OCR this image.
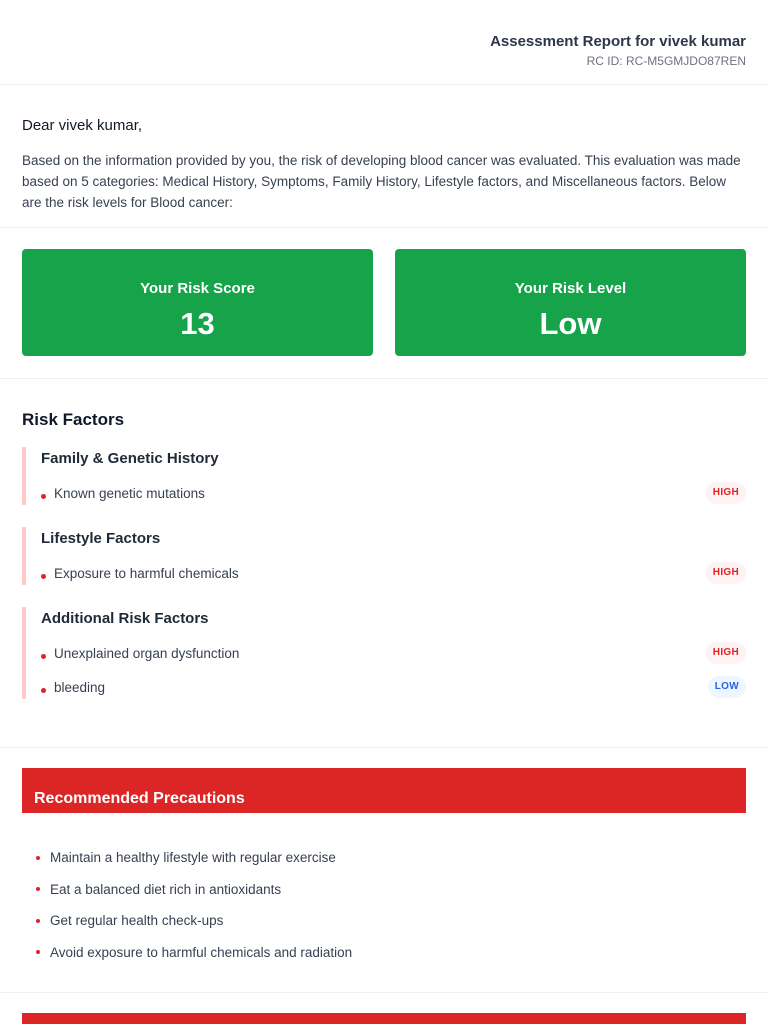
Assessment Report for vivek kumar
RC ID: RC-M5GMJDO87REN
Dear vivek kumar,

Based on the information provided by you, the risk of developing blood cancer was evaluated. This evaluation was made based on 5 categories: Medical History, Symptoms, Family History, Lifestyle factors, and Miscellaneous factors. Below are the risk levels for Blood cancer:

Your Risk Score
13
Your Risk Level
Low
Risk Factors
Family & Genetic History
Known genetic mutations	HIGH
Lifestyle Factors
Exposure to harmful chemicals	HIGH
Additional Risk Factors
Unexplained organ dysfunction	HIGH
bleeding	LOW
Recommended Precautions
Maintain a healthy lifestyle with regular exercise
Eat a balanced diet rich in antioxidants
Get regular health check-ups
Avoid exposure to harmful chemicals and radiation
